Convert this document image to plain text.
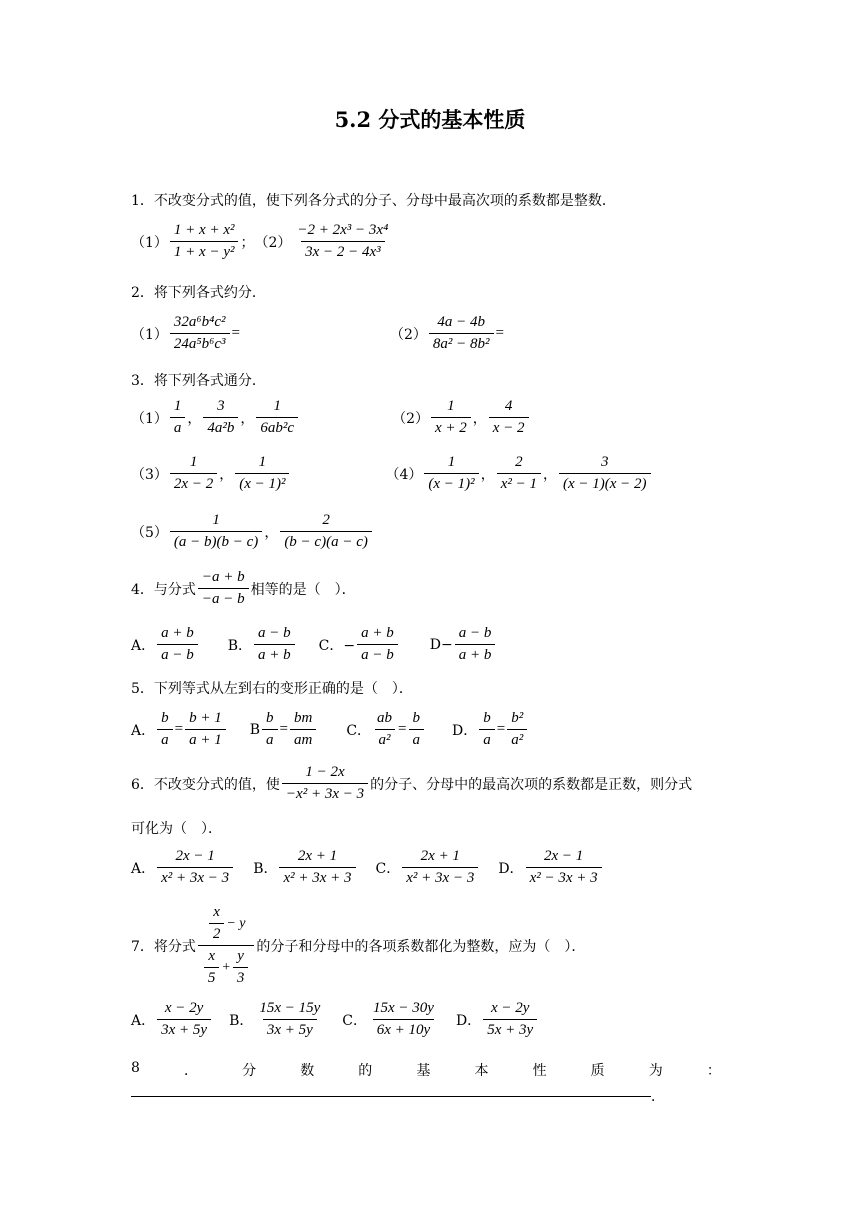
5.2 分式的基本性质
1．不改变分式的值，使下列各分式的分子、分母中最高次项的系数都是整数．
$(1) \frac{\text{1 + x + x²}}{\text{1 + x − y²}}$ ； $(2) \frac{\text{−2 + 2x³ − 3x⁴}}{\text{3x − 2 − 4x³}}$
2．将下列各式约分．
$(1) \frac{\text{32a⁶b⁴c²}}{\text{24a⁵b⁶c³}}$ =	$(2) \frac{4a - 4b}{\text{8a² − 8b²}}$ =
3．将下列各式通分．
$(1) \frac{1}{a}$ ， $\frac{3}{\text{4a²b}}$ ， $\frac{1}{\text{6ab²c}}$	$(2) \frac{1}{x + 2}$ ， $\frac{4}{x - 2}$
$(3) \frac{1}{2x - 2}$ ， $\frac{1}{\text{(x − 1)²}}$	$(4) \frac{1}{\text{(x − 1)²}}$ ， $\frac{2}{\text{x² − 1}}$ ， $\frac{3}{(x - 1)(x - 2)}$
$(5) \frac{1}{(a - b)(b - c)}$ ， $\frac{2}{(b - c)(a - c)}$
4．与分式 $\frac{-a + b}{-a - b}$ 相等的是（　）．
A． $\frac{a + b}{a - b}$ B． $\frac{a - b}{a + b}$ C．− $\frac{a + b}{a - b} D- \frac{a - b}{a + b}$
5．下列等式从左到右的变形正确的是（　）．
A． $\frac{b}{a} = \frac{b + 1}{a + 1}$ B $\frac{b}{a} = \frac{bm}{am}$ C． $\frac{ab}{\text{a²}} = \frac{b}{a}$ D． $\frac{b}{a} = \frac{\text{b²}}{\text{a²}}$
6．不改变分式的值，使 $\frac{1 - 2x}{\text{−x² + 3x − 3}}$ 的分子、分母中的最高次项的系数都是正数，则分式
可化为（　）．
A． $\frac{2x - 1}{\text{x² + 3x − 3}}$ B． $\frac{2x + 1}{\text{x² + 3x + 3}}$ C． $\frac{2x + 1}{\text{x² + 3x − 3}}$ D． $\frac{2x - 1}{\text{x² − 3x + 3}}$
7．将分式 $\frac{\frac{x}{2} - y}{\frac{x}{5} + \frac{y}{3}}$ 的分子和分母中的各项系数都化为整数，应为（　）．
A． $\frac{x - 2y}{3x + 5y}$ B． $\frac{15x - 15y}{3x + 5y}$ C． $\frac{15x - 30y}{6x + 10y}$ D． $\frac{x - 2y}{5x + 3y}$
8	．	分	数	的	基	本	性	质	为	：
．
